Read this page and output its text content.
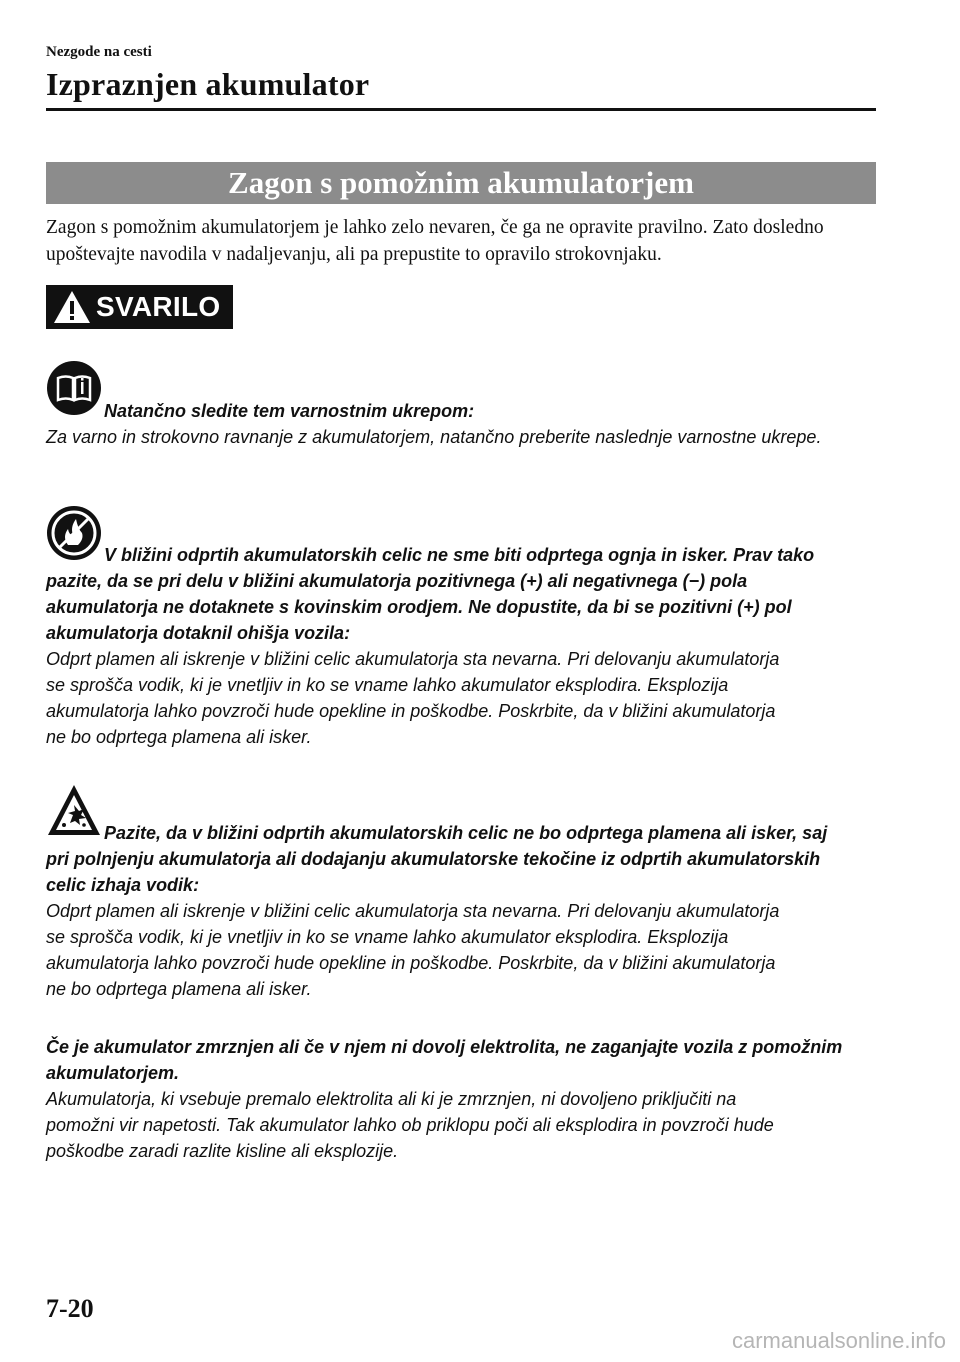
Nezgode na cesti
Izpraznjen akumulator
Zagon s pomožnim akumulatorjem
Zagon s pomožnim akumulatorjem je lahko zelo nevaren, če ga ne opravite pravilno. Zato dosledno upoštevajte navodila v nadaljevanju, ali pa prepustite to opravilo strokovnjaku.
SVARILO
Natančno sledite tem varnostnim ukrepom:
Za varno in strokovno ravnanje z akumulatorjem, natančno preberite naslednje varnostne ukrepe.
V bližini odprtih akumulatorskih celic ne sme biti odprtega ognja in isker. Prav tako
pazite, da se pri delu v bližini akumulatorja pozitivnega (+) ali negativnega (−) pola
akumulatorja ne dotaknete s kovinskim orodjem. Ne dopustite, da bi se pozitivni (+) pol
akumulatorja dotaknil ohišja vozila:
Odprt plamen ali iskrenje v bližini celic akumulatorja sta nevarna. Pri delovanju akumulatorja
se sprošča vodik, ki je vnetljiv in ko se vname lahko akumulator eksplodira. Eksplozija
akumulatorja lahko povzroči hude opekline in poškodbe. Poskrbite, da v bližini akumulatorja
ne bo odprtega plamena ali isker.
Pazite, da v bližini odprtih akumulatorskih celic ne bo odprtega plamena ali isker, saj
pri polnjenju akumulatorja ali dodajanju akumulatorske tekočine iz odprtih akumulatorskih
celic izhaja vodik:
Odprt plamen ali iskrenje v bližini celic akumulatorja sta nevarna. Pri delovanju akumulatorja
se sprošča vodik, ki je vnetljiv in ko se vname lahko akumulator eksplodira. Eksplozija
akumulatorja lahko povzroči hude opekline in poškodbe. Poskrbite, da v bližini akumulatorja
ne bo odprtega plamena ali isker.
Če je akumulator zmrznjen ali če v njem ni dovolj elektrolita, ne zaganjajte vozila z pomožnim
akumulatorjem.
Akumulatorja, ki vsebuje premalo elektrolita ali ki je zmrznjen, ni dovoljeno priključiti na
pomožni vir napetosti. Tak akumulator lahko ob priklopu poči ali eksplodira in povzroči hude
poškodbe zaradi razlite kisline ali eksplozije.
7-20
carmanualsonline.info
